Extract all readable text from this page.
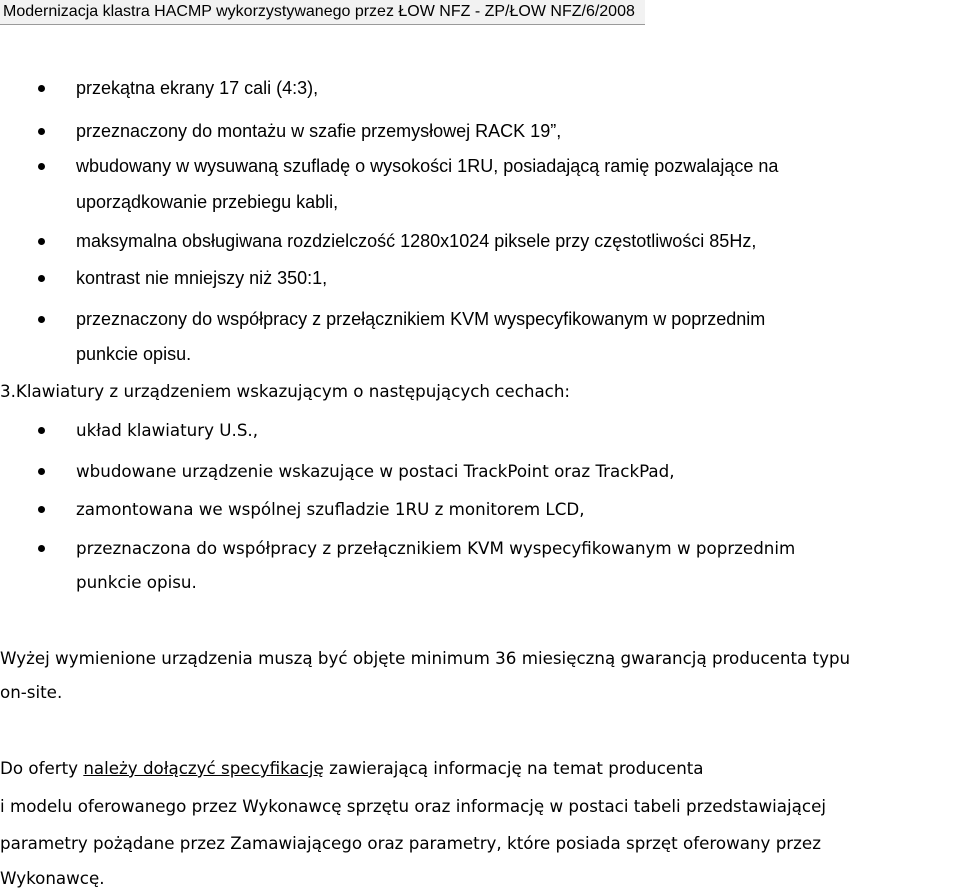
Modernizacja klastra HACMP wykorzystywanego przez ŁOW NFZ - ZP/ŁOW NFZ/6/2008
przekątna ekrany 17 cali (4:3),
przeznaczony do montażu w szafie przemysłowej RACK 19”,
wbudowany w wysuwaną szufladę o wysokości 1RU, posiadającą ramię pozwalające na
uporządkowanie przebiegu kabli,
maksymalna obsługiwana rozdzielczość 1280x1024 piksele przy częstotliwości 85Hz,
kontrast nie mniejszy niż 350:1,
przeznaczony do współpracy z przełącznikiem KVM wyspecyfikowanym w poprzednim
punkcie opisu.
3.Klawiatury z urządzeniem wskazującym o następujących cechach:
układ klawiatury U.S.,
wbudowane urządzenie wskazujące w postaci TrackPoint oraz TrackPad,
zamontowana we wspólnej szufladzie 1RU z monitorem LCD,
przeznaczona do współpracy z przełącznikiem KVM wyspecyfikowanym w poprzednim
punkcie opisu.
Wyżej wymienione urządzenia muszą być objęte minimum 36 miesięczną gwarancją producenta typu
on-site.
Do oferty należy dołączyć specyfikację zawierającą informację na temat producenta
i modelu oferowanego przez Wykonawcę sprzętu oraz informację w postaci tabeli przedstawiającej
parametry pożądane przez Zamawiającego oraz parametry, które posiada sprzęt oferowany przez
Wykonawcę.
